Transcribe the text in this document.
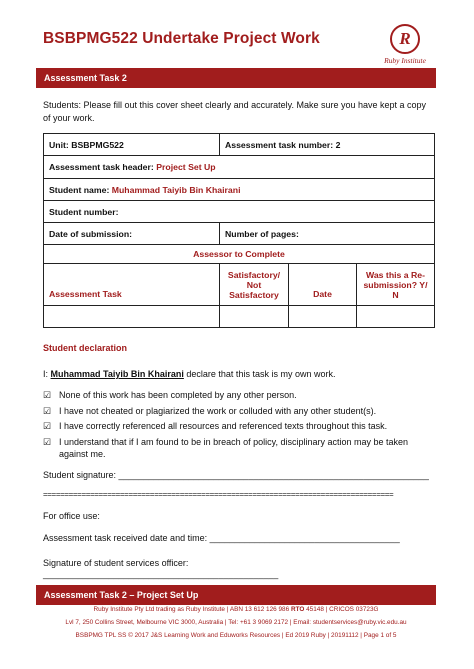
BSBPMG522 Undertake Project Work	R
Ruby Institute
Assessment Task 2
Students: Please fill out this cover sheet clearly and accurately. Make sure you have kept a copy of your work.
Unit: BSBPMG522	Assessment task number: 2		
Assessment task header: Project Set Up			
Student name: Muhammad Taiyib Bin Khairani			
Student number:			
Date of submission:	Number of pages:		
Assessor to Complete			
Assessment Task	Satisfactory/ Not Satisfactory	Date	Was this a Re-submission? Y/ N

Student declaration
I: Muhammad Taiyib Bin Khairani declare that this task is my own work.
☑ None of this work has been completed by any other person.
☑ I have not cheated or plagiarized the work or colluded with any other student(s).
☑ I have correctly referenced all resources and referenced texts throughout this task.
☑ I understand that if I am found to be in breach of policy, disciplinary action may be taken against me.
Student signature: ______________________________________________________________
==================================================================================
For office use:
Assessment task received date and time: ______________________________________
Signature of student services officer:
_______________________________________________
Assessment Task 2 – Project Set Up
Ruby Institute Pty Ltd trading as Ruby Institute | ABN 13 612 126 986 RTO 45148 | CRICOS 03723G
Lvl 7, 250 Collins Street, Melbourne VIC 3000, Australia | Tel: +61 3 9069 2172 | Email: studentservices@ruby.vic.edu.au
BSBPMG TPL SS © 2017 J&S Learning Work and Eduworks Resources | Ed 2019 Ruby | 20191112 | Page 1 of 5
